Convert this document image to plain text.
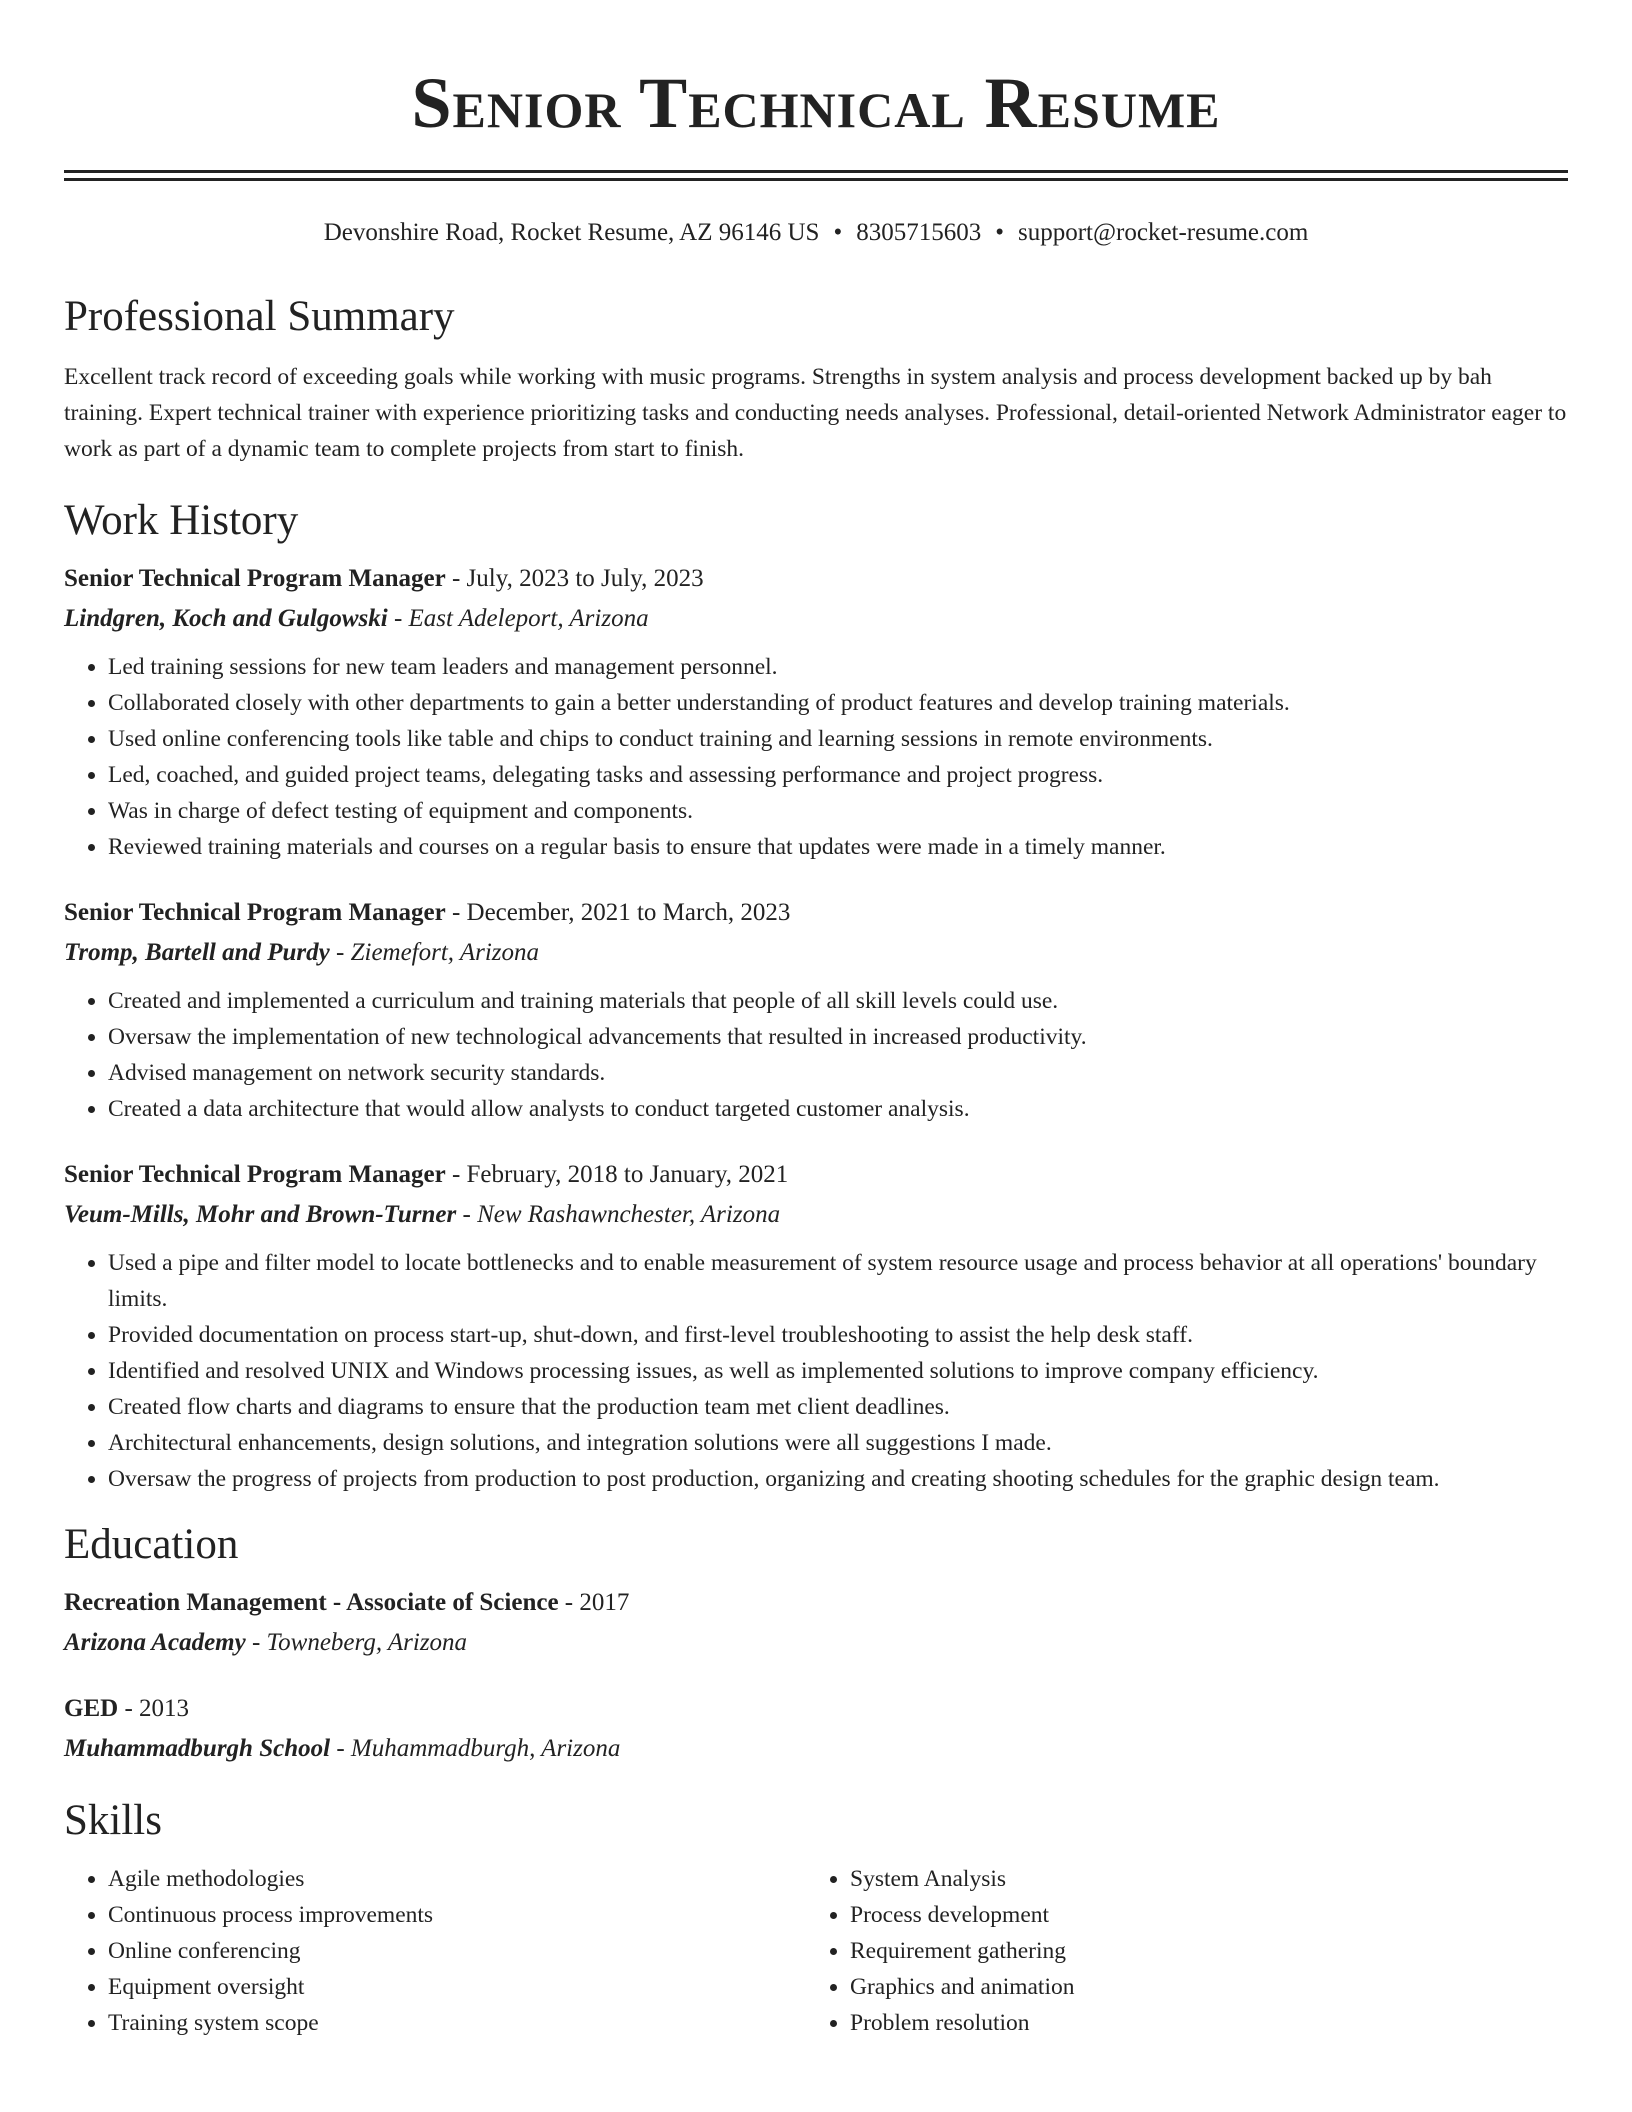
Senior Technical Resume
Devonshire Road, Rocket Resume, AZ 96146 US • 8305715603 • support@rocket-resume.com
Professional Summary

Excellent track record of exceeding goals while working with music programs. Strengths in system analysis and process development backed up by bah training. Expert technical trainer with experience prioritizing tasks and conducting needs analyses. Professional, detail-oriented Network Administrator eager to work as part of a dynamic team to complete projects from start to finish.

Work History

Senior Technical Program Manager - July, 2023 to July, 2023

Lindgren, Koch and Gulgowski - East Adeleport, Arizona

• Led training sessions for new team leaders and management personnel.
• Collaborated closely with other departments to gain a better understanding of product features and develop training materials.
• Used online conferencing tools like table and chips to conduct training and learning sessions in remote environments.
• Led, coached, and guided project teams, delegating tasks and assessing performance and project progress.
• Was in charge of defect testing of equipment and components.
• Reviewed training materials and courses on a regular basis to ensure that updates were made in a timely manner.

Senior Technical Program Manager - December, 2021 to March, 2023

Tromp, Bartell and Purdy - Ziemefort, Arizona

• Created and implemented a curriculum and training materials that people of all skill levels could use.
• Oversaw the implementation of new technological advancements that resulted in increased productivity.
• Advised management on network security standards.
• Created a data architecture that would allow analysts to conduct targeted customer analysis.

Senior Technical Program Manager - February, 2018 to January, 2021

Veum-Mills, Mohr and Brown-Turner - New Rashawnchester, Arizona

• Used a pipe and filter model to locate bottlenecks and to enable measurement of system resource usage and process behavior at all operations' boundary limits.
• Provided documentation on process start-up, shut-down, and first-level troubleshooting to assist the help desk staff.
• Identified and resolved UNIX and Windows processing issues, as well as implemented solutions to improve company efficiency.
• Created flow charts and diagrams to ensure that the production team met client deadlines.
• Architectural enhancements, design solutions, and integration solutions were all suggestions I made.
• Oversaw the progress of projects from production to post production, organizing and creating shooting schedules for the graphic design team.
Education

Recreation Management - Associate of Science - 2017

Arizona Academy - Towneberg, Arizona

GED - 2013

Muhammadburgh School - Muhammadburgh, Arizona

Skills
• Agile methodologies
• Continuous process improvements
• Online conferencing
• Equipment oversight
• Training system scope
• System Analysis
• Process development
• Requirement gathering
• Graphics and animation
• Problem resolution
